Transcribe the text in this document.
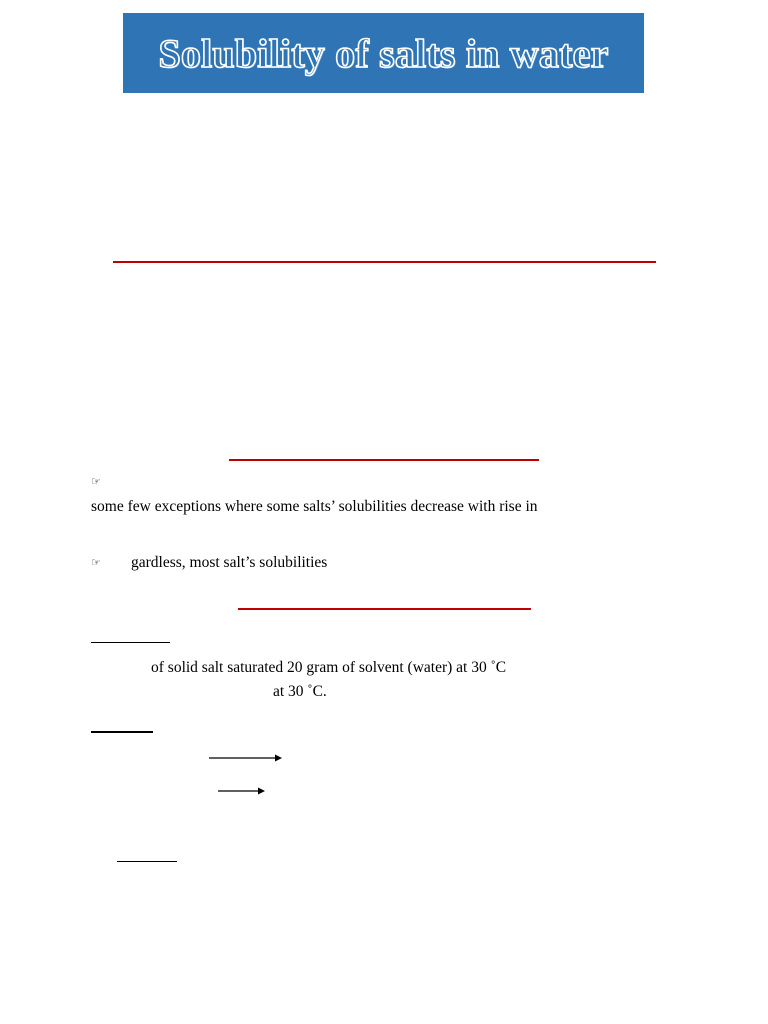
Solubility of salts in water
☞
some few exceptions where some salts’ solubilities decrease with rise in
☞ gardless, most salt’s solubilities
of solid salt saturated 20 gram of solvent (water) at 30 ˚C
at 30 ˚C.
